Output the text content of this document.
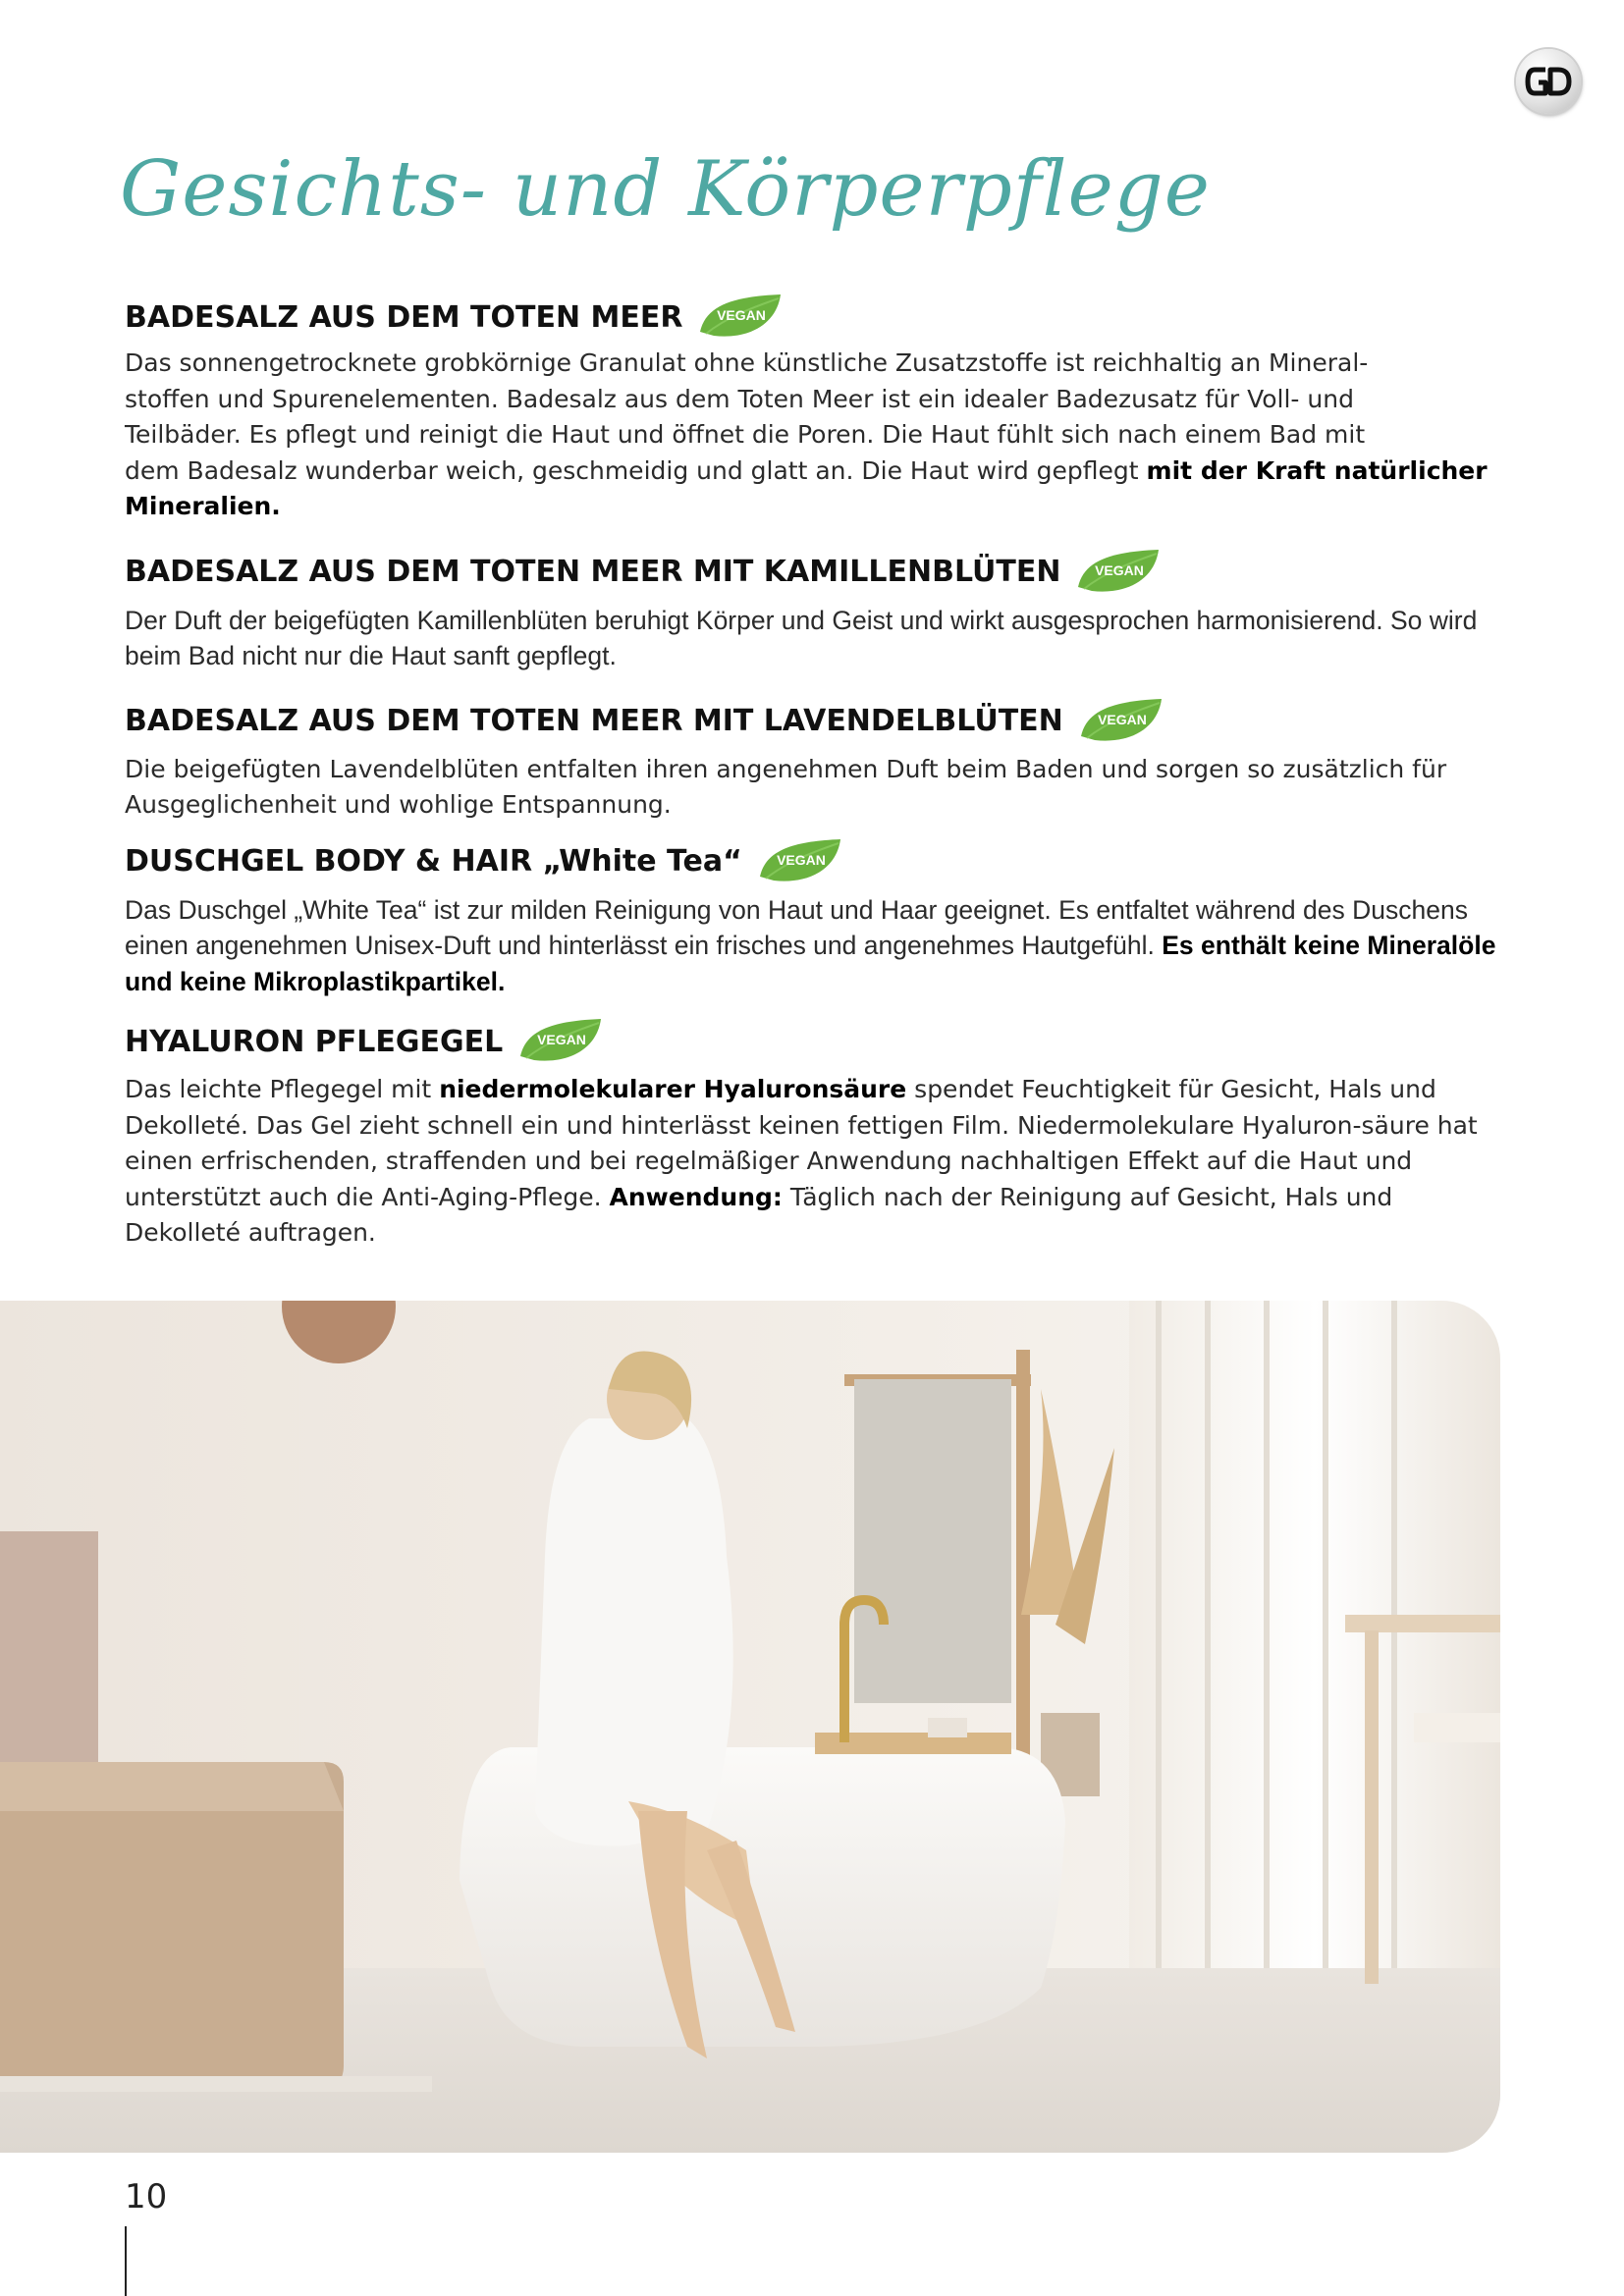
Gesichts- und Körperpflege
BADESALZ AUS DEM TOTEN MEER	VEGAN

Das sonnengetrocknete grobkörnige Granulat ohne künstliche Zusatzstoffe ist reichhaltig an Mineral-
stoffen und Spurenelementen. Badesalz aus dem Toten Meer ist ein idealer Badezusatz für Voll- und
Teilbäder. Es pflegt und reinigt die Haut und öffnet die Poren. Die Haut fühlt sich nach einem Bad mit
dem Badesalz wunderbar weich, geschmeidig und glatt an. Die Haut wird gepflegt mit der Kraft natürlicher Mineralien.

BADESALZ AUS DEM TOTEN MEER MIT KAMILLENBLÜTEN	VEGAN

Der Duft der beigefügten Kamillenblüten beruhigt Körper und Geist und wirkt ausgesprochen harmonisierend. So wird beim Bad nicht nur die Haut sanft gepflegt.

BADESALZ AUS DEM TOTEN MEER MIT LAVENDELBLÜTEN	VEGAN

Die beigefügten Lavendelblüten entfalten ihren angenehmen Duft beim Baden und sorgen so zusätzlich für Ausgeglichenheit und wohlige Entspannung.

DUSCHGEL BODY & HAIR „White Tea“	VEGAN

Das Duschgel „White Tea“ ist zur milden Reinigung von Haut und Haar geeignet. Es entfaltet während des Duschens einen angenehmen Unisex-Duft und hinterlässt ein frisches und angenehmes Hautgefühl. Es enthält keine Mineralöle und keine Mikroplastikpartikel.

HYALURON PFLEGEGEL	VEGAN

Das leichte Pflegegel mit niedermolekularer Hyaluronsäure spendet Feuchtigkeit für Gesicht, Hals und Dekolleté. Das Gel zieht schnell ein und hinterlässt keinen fettigen Film. Niedermolekulare Hyaluron-säure hat einen erfrischenden, straffenden und bei regelmäßiger Anwendung nachhaltigen Effekt auf die Haut und unterstützt auch die Anti-Aging-Pflege. Anwendung: Täglich nach der Reinigung auf Gesicht, Hals und Dekolleté auftragen.

10
